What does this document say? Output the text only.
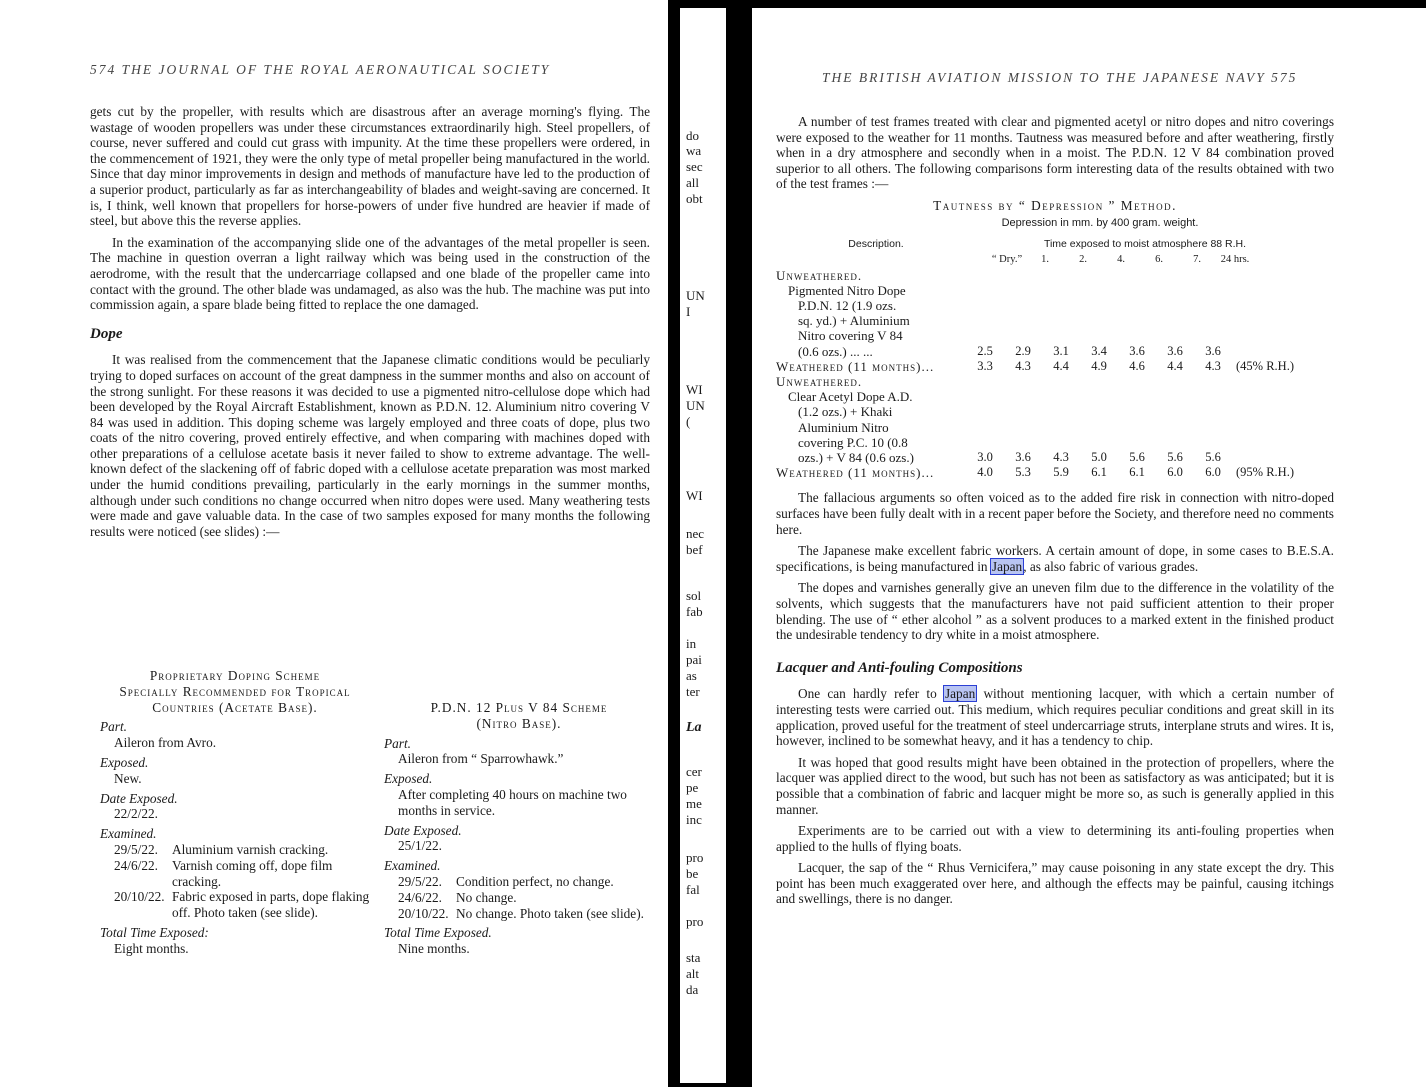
574 THE JOURNAL OF THE ROYAL AERONAUTICAL SOCIETY

gets cut by the propeller, with results which are disastrous after an average morning's flying. The wastage of wooden propellers was under these circumstances extraordinarily high. Steel propellers, of course, never suffered and could cut grass with impunity. At the time these propellers were ordered, in the commencement of 1921, they were the only type of metal propeller being manufactured in the world. Since that day minor improvements in design and methods of manufacture have led to the production of a superior product, particularly as far as interchangeability of blades and weight-saving are concerned. It is, I think, well known that propellers for horse-powers of under five hundred are heavier if made of steel, but above this the reverse applies.

In the examination of the accompanying slide one of the advantages of the metal propeller is seen. The machine in question overran a light railway which was being used in the construction of the aerodrome, with the result that the undercarriage collapsed and one blade of the propeller came into contact with the ground. The other blade was undamaged, as also was the hub. The machine was put into commission again, a spare blade being fitted to replace the one damaged.

Dope

It was realised from the commencement that the Japanese climatic conditions would be peculiarly trying to doped surfaces on account of the great dampness in the summer months and also on account of the strong sunlight. For these reasons it was decided to use a pigmented nitro-cellulose dope which had been developed by the Royal Aircraft Establishment, known as P.D.N. 12. Aluminium nitro covering V 84 was used in addition. This doping scheme was largely employed and three coats of dope, plus two coats of the nitro covering, proved entirely effective, and when comparing with machines doped with other preparations of a cellulose acetate basis it never failed to show to extreme advantage. The well-known defect of the slackening off of fabric doped with a cellulose acetate preparation was most marked under the humid conditions prevailing, particularly in the early mornings in the summer months, although under such conditions no change occurred when nitro dopes were used. Many weathering tests were made and gave valuable data. In the case of two samples exposed for many months the following results were noticed (see slides) :—

Proprietary Doping Scheme
Specially Recommended for Tropical
Countries (Acetate Base).
Part.
Aileron from Avro.
Exposed.
New.
Date Exposed.
22/2/22.
Examined.
29/5/22.	Aluminium varnish cracking.
24/6/22.	Varnish coming off, dope film cracking.
20/10/22. Fabric exposed in parts, dope flaking off. Photo taken (see slide).
Total Time Exposed:
Eight months.
P.D.N. 12 Plus V 84 Scheme
(Nitro Base).
Part.
Aileron from “ Sparrowhawk.”
Exposed.
After completing 40 hours on machine two months in service.
Date Exposed.
25/1/22.
Examined.
29/5/22.	Condition perfect, no change.
24/6/22.	No change.
20/10/22. No change. Photo taken (see slide).
Total Time Exposed.
Nine months.
do
wa
sec
all
obt
UN
I
WI
UN
(
WI
nec
bef
sol
fab
in
pai
as
ter
La
cer
pe
me
inc
pro
be
fal
pro
sta
alt
da
THE BRITISH AVIATION MISSION TO THE JAPANESE NAVY 575

A number of test frames treated with clear and pigmented acetyl or nitro dopes and nitro coverings were exposed to the weather for 11 months. Tautness was measured before and after weathering, firstly when in a dry atmosphere and secondly when in a moist. The P.D.N. 12 V 84 combination proved superior to all others. The following comparisons form interesting data of the results obtained with two of the test frames :—

Tautness by “ Depression ” Method.
Depression in mm. by 400 gram. weight.
Description.	Time exposed to moist atmosphere 88 R.H.
“ Dry.”	1.	2.	4.	6.	7.	24 hrs.
Unweathered.
Pigmented Nitro Dope
P.D.N. 12 (1.9 ozs.
sq. yd.) + Aluminium
Nitro covering V 84
(0.6 ozs.) ... ...	2.5	2.9	3.1	3.4	3.6	3.6	3.6
Weathered (11 months)...	3.3	4.3	4.4	4.9	4.6	4.4	4.3	(45% R.H.)
Unweathered.
Clear Acetyl Dope A.D.
(1.2 ozs.) + Khaki
Aluminium Nitro
covering P.C. 10 (0.8
ozs.) + V 84 (0.6 ozs.)	3.0	3.6	4.3	5.0	5.6	5.6	5.6
Weathered (11 months)...	4.0	5.3	5.9	6.1	6.1	6.0	6.0	(95% R.H.)

The fallacious arguments so often voiced as to the added fire risk in connection with nitro-doped surfaces have been fully dealt with in a recent paper before the Society, and therefore need no comments here.

The Japanese make excellent fabric workers. A certain amount of dope, in some cases to B.E.S.A. specifications, is being manufactured in Japan, as also fabric of various grades.

The dopes and varnishes generally give an uneven film due to the difference in the volatility of the solvents, which suggests that the manufacturers have not paid sufficient attention to their proper blending. The use of “ ether alcohol ” as a solvent produces to a marked extent in the finished product the undesirable tendency to dry white in a moist atmosphere.

Lacquer and Anti-fouling Compositions

One can hardly refer to Japan without mentioning lacquer, with which a certain number of interesting tests were carried out. This medium, which requires peculiar conditions and great skill in its application, proved useful for the treatment of steel undercarriage struts, interplane struts and wires. It is, however, inclined to be somewhat heavy, and it has a tendency to chip.

It was hoped that good results might have been obtained in the protection of propellers, where the lacquer was applied direct to the wood, but such has not been as satisfactory as was anticipated; but it is possible that a combination of fabric and lacquer might be more so, as such is generally applied in this manner.

Experiments are to be carried out with a view to determining its anti-fouling properties when applied to the hulls of flying boats.

Lacquer, the sap of the “ Rhus Vernicifera,” may cause poisoning in any state except the dry. This point has been much exaggerated over here, and although the effects may be painful, causing itchings and swellings, there is no danger.
